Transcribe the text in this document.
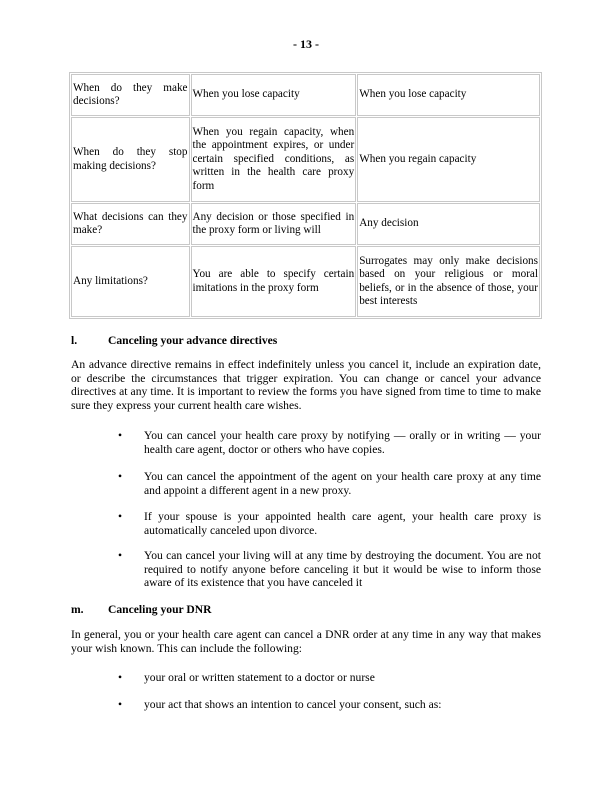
- 13 -
When do they make decisions?	When you lose capacity	When you lose capacity
When do they stop making decisions?	When you regain capacity, when the appointment expires, or under certain specified conditions, as written in the health care proxy form	When you regain capacity
What decisions can they make?	Any decision or those specified in the proxy form or living will	Any decision
Any limitations?	You are able to specify certain imitations in the proxy form	Surrogates may only make decisions based on your religious or moral beliefs, or in the absence of those, your best interests
l.	Canceling your advance directives
An advance directive remains in effect indefinitely unless you cancel it, include an expiration date, or describe the circumstances that trigger expiration. You can change or cancel your advance directives at any time. It is important to review the forms you have signed from time to time to make sure they express your current health care wishes.
• You can cancel your health care proxy by notifying — orally or in writing — your health care agent, doctor or others who have copies.
• You can cancel the appointment of the agent on your health care proxy at any time and appoint a different agent in a new proxy.
• If your spouse is your appointed health care agent, your health care proxy is automatically canceled upon divorce.
• You can cancel your living will at any time by destroying the document. You are not required to notify anyone before canceling it but it would be wise to inform those aware of its existence that you have canceled it
m. Canceling your DNR
In general, you or your health care agent can cancel a DNR order at any time in any way that makes your wish known. This can include the following:
• your oral or written statement to a doctor or nurse
• your act that shows an intention to cancel your consent, such as:
